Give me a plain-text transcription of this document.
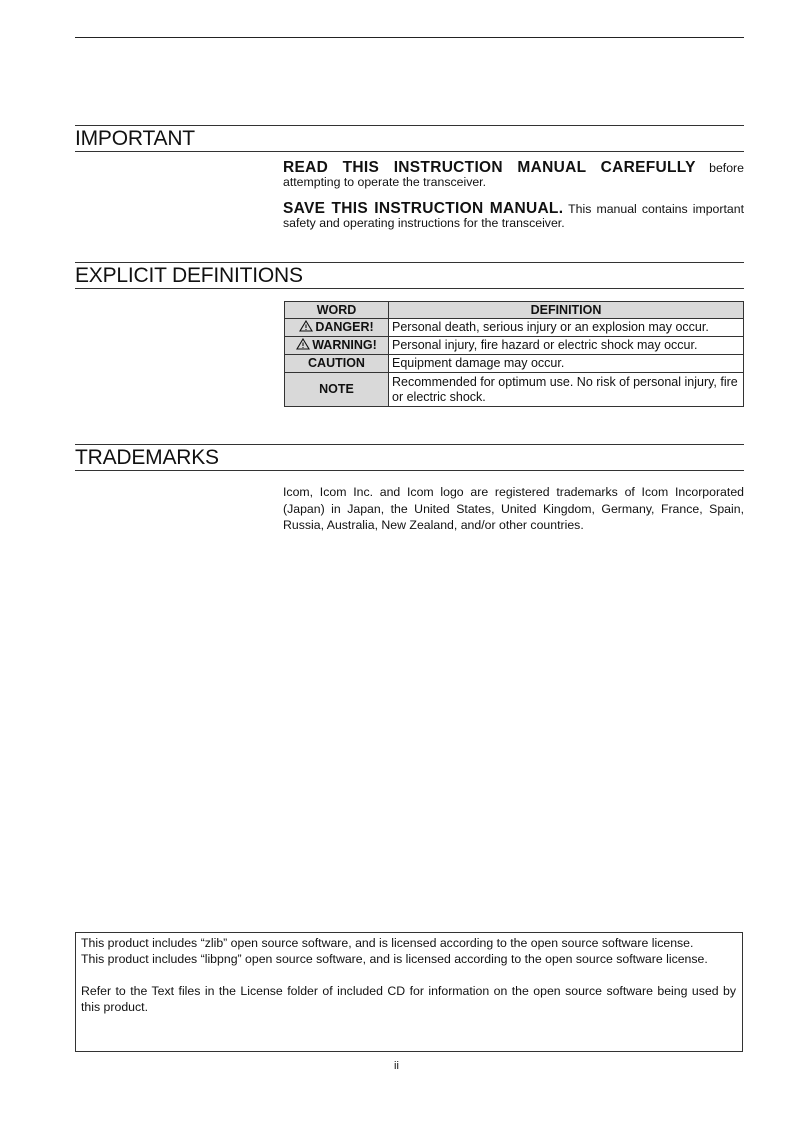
IMPORTANT
READ THIS INSTRUCTION MANUAL CAREFULLY before attempting to operate the transceiver.
SAVE THIS INSTRUCTION MANUAL. This manual contains important safety and operating instructions for the transceiver.
EXPLICIT DEFINITIONS
WORD	DEFINITION
DANGER!	Personal death, serious injury or an explosion may occur.
WARNING!	Personal injury, fire hazard or electric shock may occur.
CAUTION	Equipment damage may occur.
NOTE	Recommended for optimum use. No risk of personal injury, fire or electric shock.
TRADEMARKS
Icom, Icom Inc. and Icom logo are registered trademarks of Icom Incorporated (Japan) in Japan, the United States, United Kingdom, Germany, France, Spain, Russia, Australia, New Zealand, and/or other countries.

This product includes “zlib” open source software, and is licensed according to the open source software license.

This product includes “libpng” open source software, and is licensed according to the open source software license.

Refer to the Text files in the License folder of included CD for information on the open source software being used by this product.

ii
